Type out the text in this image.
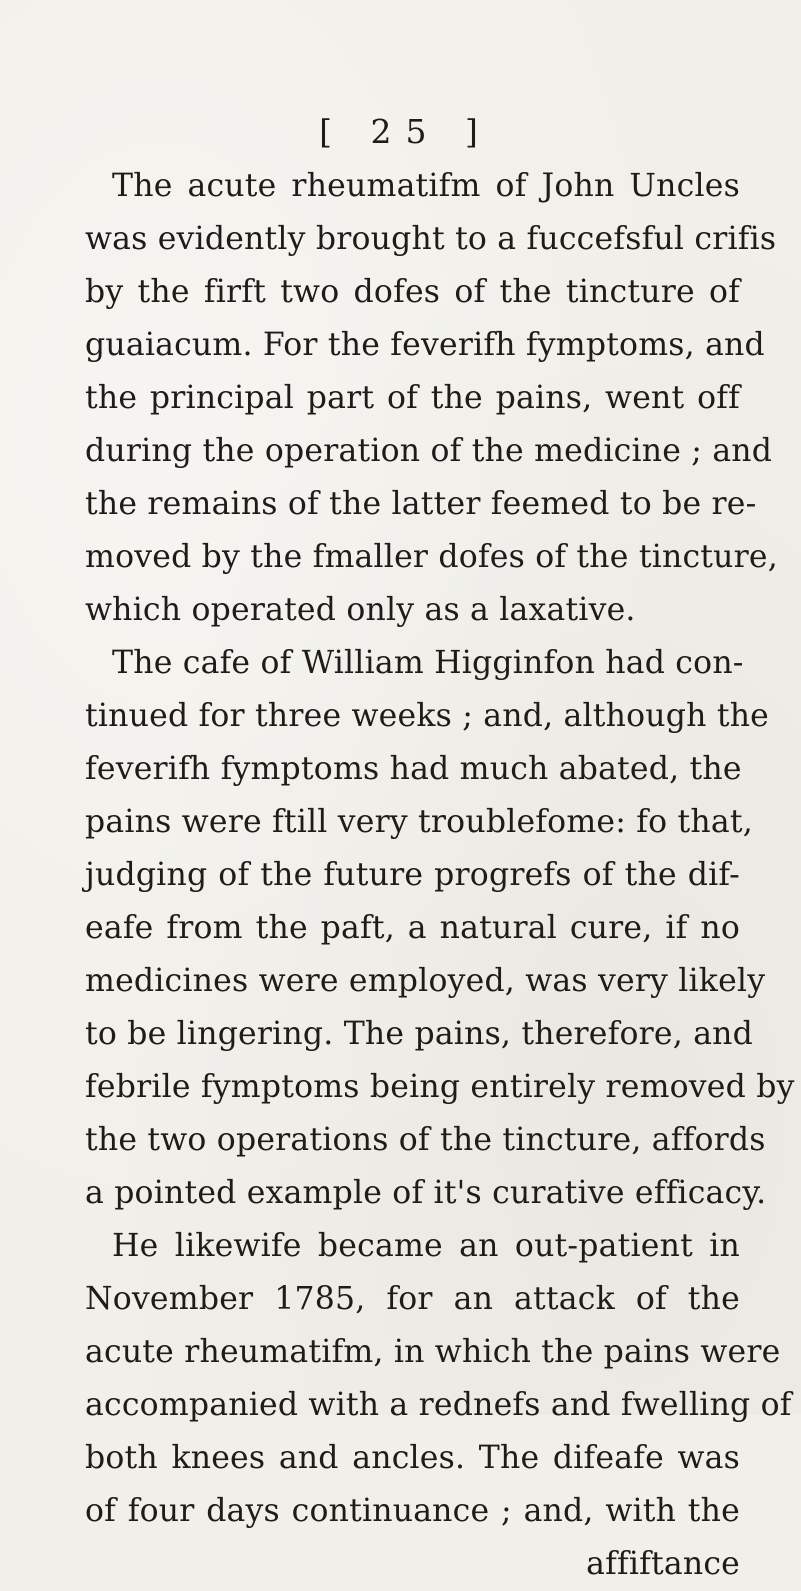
[ 25 ]
The acute rheumatifm of John Uncles
was evidently brought to a fuccefsful crifis
by the firft two dofes of the tincture of
guaiacum. For the feverifh fymptoms, and
the principal part of the pains, went off
during the operation of the medicine ; and
the remains of the latter feemed to be re-
moved by the fmaller dofes of the tincture,
which operated only as a laxative.
The cafe of William Higginfon had con-
tinued for three weeks ; and, although the
feverifh fymptoms had much abated, the
pains were ftill very troublefome: fo that,
judging of the future progrefs of the dif-
eafe from the paft, a natural cure, if no
medicines were employed, was very likely
to be lingering. The pains, therefore, and
febrile fymptoms being entirely removed by
the two operations of the tincture, affords
a pointed example of it's curative efficacy.
He likewife became an out-patient in
November 1785, for an attack of the
acute rheumatifm, in which the pains were
accompanied with a rednefs and fwelling of
both knees and ancles. The difeafe was
of four days continuance ; and, with the
affiftance
